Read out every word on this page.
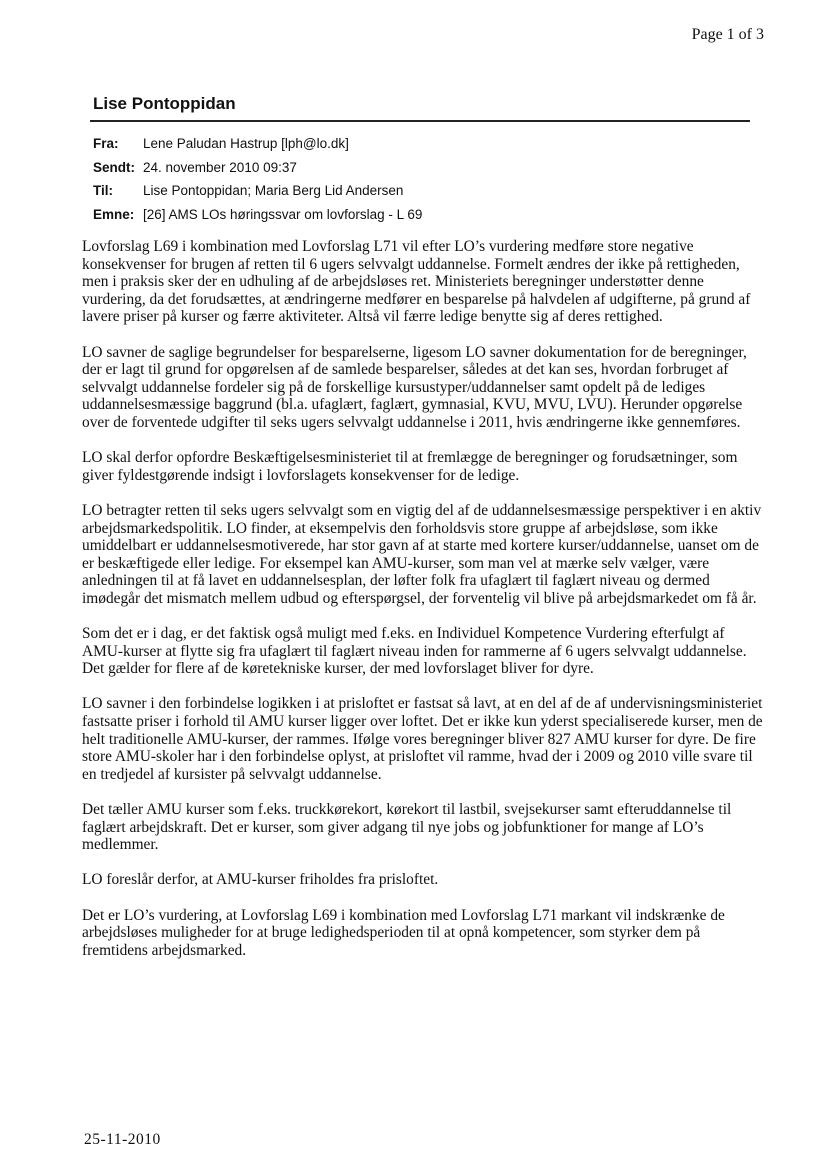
Page 1 of 3
Lise Pontoppidan
Fra: Lene Paludan Hastrup [lph@lo.dk]
Sendt: 24. november 2010 09:37
Til: Lise Pontoppidan; Maria Berg Lid Andersen
Emne: [26] AMS LOs høringssvar om lovforslag - L 69

Lovforslag L69 i kombination med Lovforslag L71 vil efter LO’s vurdering medføre store negative konsekvenser for brugen af retten til 6 ugers selvvalgt uddannelse. Formelt ændres der ikke på rettigheden, men i praksis sker der en udhuling af de arbejdsløses ret. Ministeriets beregninger understøtter denne vurdering, da det forudsættes, at ændringerne medfører en besparelse på halvdelen af udgifterne, på grund af lavere priser på kurser og færre aktiviteter. Altså vil færre ledige benytte sig af deres rettighed.

LO savner de saglige begrundelser for besparelserne, ligesom LO savner dokumentation for de beregninger, der er lagt til grund for opgørelsen af de samlede besparelser, således at det kan ses, hvordan forbruget af selvvalgt uddannelse fordeler sig på de forskellige kursustyper/uddannelser samt opdelt på de lediges uddannelsesmæssige baggrund (bl.a. ufaglært, faglært, gymnasial, KVU, MVU, LVU). Herunder opgørelse over de forventede udgifter til seks ugers selvvalgt uddannelse i 2011, hvis ændringerne ikke gennemføres.

LO skal derfor opfordre Beskæftigelsesministeriet til at fremlægge de beregninger og forudsætninger, som giver fyldestgørende indsigt i lovforslagets konsekvenser for de ledige.

LO betragter retten til seks ugers selvvalgt som en vigtig del af de uddannelsesmæssige perspektiver i en aktiv arbejdsmarkedspolitik. LO finder, at eksempelvis den forholdsvis store gruppe af arbejdsløse, som ikke umiddelbart er uddannelsesmotiverede, har stor gavn af at starte med kortere kurser/uddannelse, uanset om de er beskæftigede eller ledige. For eksempel kan AMU-kurser, som man vel at mærke selv vælger, være anledningen til at få lavet en uddannelsesplan, der løfter folk fra ufaglært til faglært niveau og dermed imødegår det mismatch mellem udbud og efterspørgsel, der forventelig vil blive på arbejdsmarkedet om få år.

Som det er i dag, er det faktisk også muligt med f.eks. en Individuel Kompetence Vurdering efterfulgt af AMU-kurser at flytte sig fra ufaglært til faglært niveau inden for rammerne af 6 ugers selvvalgt uddannelse. Det gælder for flere af de køretekniske kurser, der med lovforslaget bliver for dyre.

LO savner i den forbindelse logikken i at prisloftet er fastsat så lavt, at en del af de af undervisningsministeriet fastsatte priser i forhold til AMU kurser ligger over loftet. Det er ikke kun yderst specialiserede kurser, men de helt traditionelle AMU-kurser, der rammes. Ifølge vores beregninger bliver 827 AMU kurser for dyre. De fire store AMU-skoler har i den forbindelse oplyst, at prisloftet vil ramme, hvad der i 2009 og 2010 ville svare til en tredjedel af kursister på selvvalgt uddannelse.

Det tæller AMU kurser som f.eks. truckkørekort, kørekort til lastbil, svejsekurser samt efteruddannelse til faglært arbejdskraft. Det er kurser, som giver adgang til nye jobs og jobfunktioner for mange af LO’s medlemmer.

LO foreslår derfor, at AMU-kurser friholdes fra prisloftet.

Det er LO’s vurdering, at Lovforslag L69 i kombination med Lovforslag L71 markant vil indskrænke de arbejdsløses muligheder for at bruge ledighedsperioden til at opnå kompetencer, som styrker dem på fremtidens arbejdsmarked.

25-11-2010
